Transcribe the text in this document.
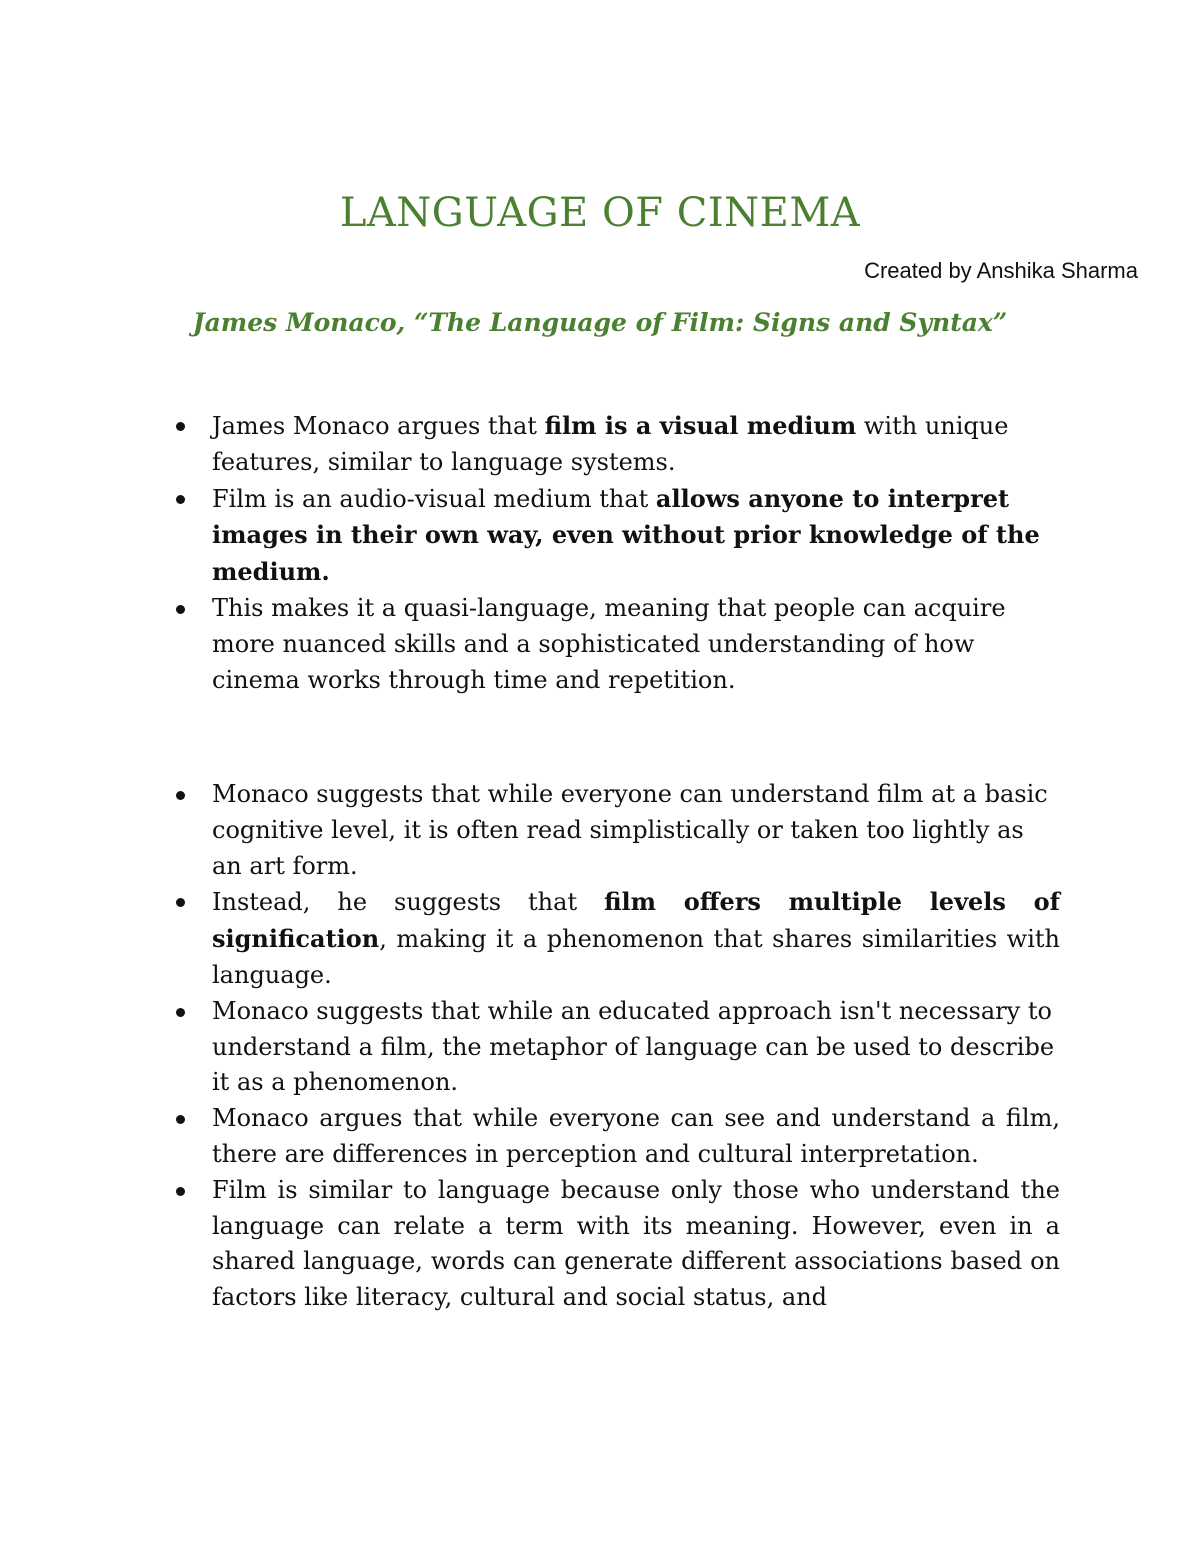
LANGUAGE OF CINEMA

Created by Anshika Sharma

James Monaco, “The Language of Film: Signs and Syntax”
James Monaco argues that film is a visual medium with unique features, similar to language systems.
Film is an audio-visual medium that allows anyone to interpret images in their own way, even without prior knowledge of the medium.
This makes it a quasi-language, meaning that people can acquire more nuanced skills and a sophisticated understanding of how cinema works through time and repetition.
Monaco suggests that while everyone can understand film at a basic cognitive level, it is often read simplistically or taken too lightly as an art form.
Instead, he suggests that film offers multiple levels of signification, making it a phenomenon that shares similarities with language.
Monaco suggests that while an educated approach isn't necessary to understand a film, the metaphor of language can be used to describe it as a phenomenon.
Monaco argues that while everyone can see and understand a film, there are differences in perception and cultural interpretation.
Film is similar to language because only those who understand the language can relate a term with its meaning. However, even in a shared language, words can generate different associations based on factors like literacy, cultural and social status, and
